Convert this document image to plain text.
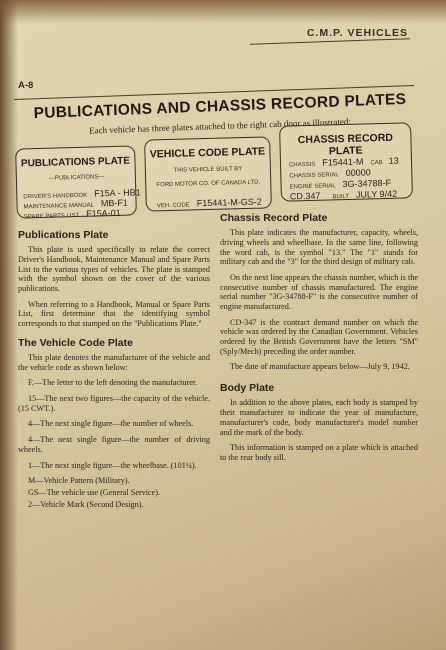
C.M.P. VEHICLES
A-8
PUBLICATIONS AND CHASSIS RECORD PLATES
Each vehicle has three plates attached to the right cab door as illustrated:
PUBLICATIONS PLATE
—PUBLICATIONS—
DRIVER'S HANDBOOK F15A - HB1
MAINTENANCE MANUAL MB-F1
SPARE PARTS LIST F15A-01
VEHICLE CODE PLATE
THIS VEHICLE BUILT BY
FORD MOTOR CO. OF CANADA LTD.
VEH. CODE F15441-M-GS-2
CHASSIS RECORD PLATE
CHASSIS F15441-M CAB 13
CHASSIS SERIAL 00000
ENGINE SERIAL 3G-34788-F
CD.347 BUILT JULY 9/42
Publications Plate

This plate is used specifically to relate the correct Driver's Handbook, Maintenance Manual and Spare Parts List to the various types of vehicles. The plate is stamped with the symbol shown on the cover of the various publications.

When referring to a Handbook, Manual or Spare Parts List, first determine that the identifying symbol corresponds to that stamped on the "Publications Plate."

The Vehicle Code Plate

This plate denotes the manufacturer of the vehicle and the vehicle code as shown below:

F.—The letter to the left denoting the manufacturer.

15—The next two figures—the capacity of the vehicle. (15 CWT.).

4—The next single figure—the number of wheels.

4—The next single figure—the number of driving wheels.

1—The next single figure—the wheelbase. (101¼).

M—Vehicle Pattern (Military).

GS—The vehicle use (General Service).

2—Vehicle Mark (Second Design).

Chassis Record Plate

This plate indicates the manufacturer, capacity, wheels, driving wheels and wheelbase. In the same line, following the word cab, is the symbol "13." The "1" stands for military cab and the "3" for the third design of military cab.

On the next line appears the chassis number, which is the consecutive number of chassis manufactured. The engine serial number "3G-34788-F" is the consecutive number of engine manufactured.

CD-347 is the contract demand number on which the vehicle was ordered by the Canadian Government. Vehicles ordered by the British Government have the letters "SM" (Sply/Mech) preceding the order number.

The date of manufacture appears below—July 9, 1942.

Body Plate

In addition to the above plates, each body is stamped by their manufacturer to indicate the year of manufacture, manufacturer's code, body manufacturer's model number and the mark of the body.

This information is stamped on a plate which is attached to the rear body sill.
